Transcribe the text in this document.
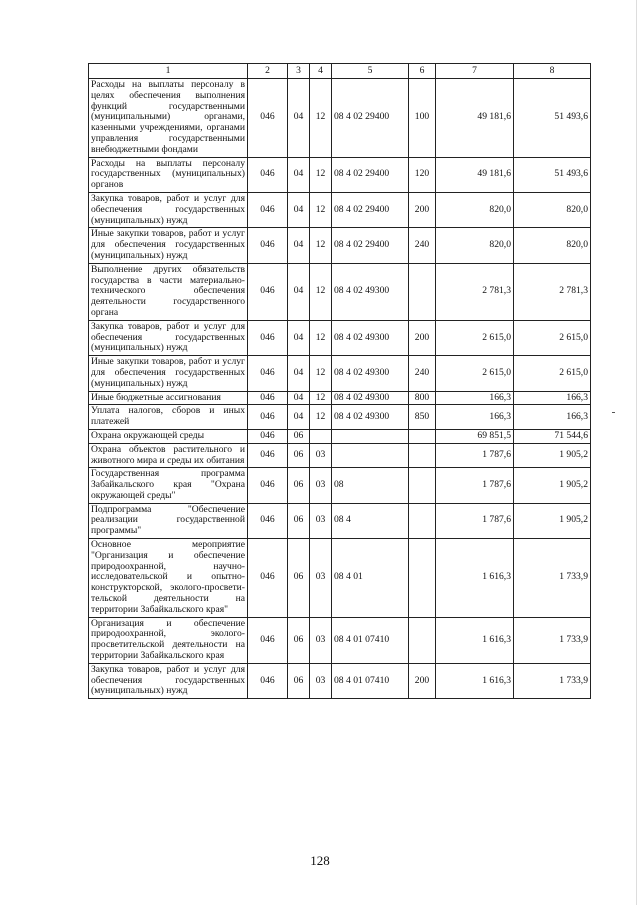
1	2	3	4	5	6	7	8
Расходы на выплаты персоналу в целях обеспечения выполнения функций государственными (муниципальными) органами, казенными учреждениями, органами управления государственными внебюджетными фондами	046	04	12	08 4 02 29400	100	49 181,6	51 493,6
Расходы на выплаты персоналу государственных (муниципальных) органов	046	04	12	08 4 02 29400	120	49 181,6	51 493,6
Закупка товаров, работ и услуг для обеспечения государственных (муниципальных) нужд	046	04	12	08 4 02 29400	200	820,0	820,0
Иные закупки товаров, работ и услуг для обеспечения государственных (муниципальных) нужд	046	04	12	08 4 02 29400	240	820,0	820,0
Выполнение других обязательств государства в части материально-технического обеспечения деятельности государственного органа	046	04	12	08 4 02 49300		2 781,3	2 781,3
Закупка товаров, работ и услуг для обеспечения государственных (муниципальных) нужд	046	04	12	08 4 02 49300	200	2 615,0	2 615,0
Иные закупки товаров, работ и услуг для обеспечения государственных (муниципальных) нужд	046	04	12	08 4 02 49300	240	2 615,0	2 615,0
Иные бюджетные ассигнования	046	04	12	08 4 02 49300	800	166,3	166,3
Уплата налогов, сборов и иных платежей	046	04	12	08 4 02 49300	850	166,3	166,3
Охрана окружающей среды	046	06				69 851,5	71 544,6
Охрана объектов растительного и животного мира и среды их обитания	046	06	03			1 787,6	1 905,2
Государственная программа Забайкальского края "Охрана окружающей среды"	046	06	03	08		1 787,6	1 905,2
Подпрограмма "Обеспечение реализации государственной программы"	046	06	03	08 4		1 787,6	1 905,2
Основное мероприятие "Организация и обеспечение природоохранной, научно-исследовательской и опытно-конструкторской, эколого-просвети-тельской деятельности на территории Забайкальского края"	046	06	03	08 4 01		1 616,3	1 733,9
Организация и обеспечение природоохранной, эколого-просветительской деятельности на территории Забайкальского края	046	06	03	08 4 01 07410		1 616,3	1 733,9
Закупка товаров, работ и услуг для обеспечения государственных (муниципальных) нужд	046	06	03	08 4 01 07410	200	1 616,3	1 733,9
128
